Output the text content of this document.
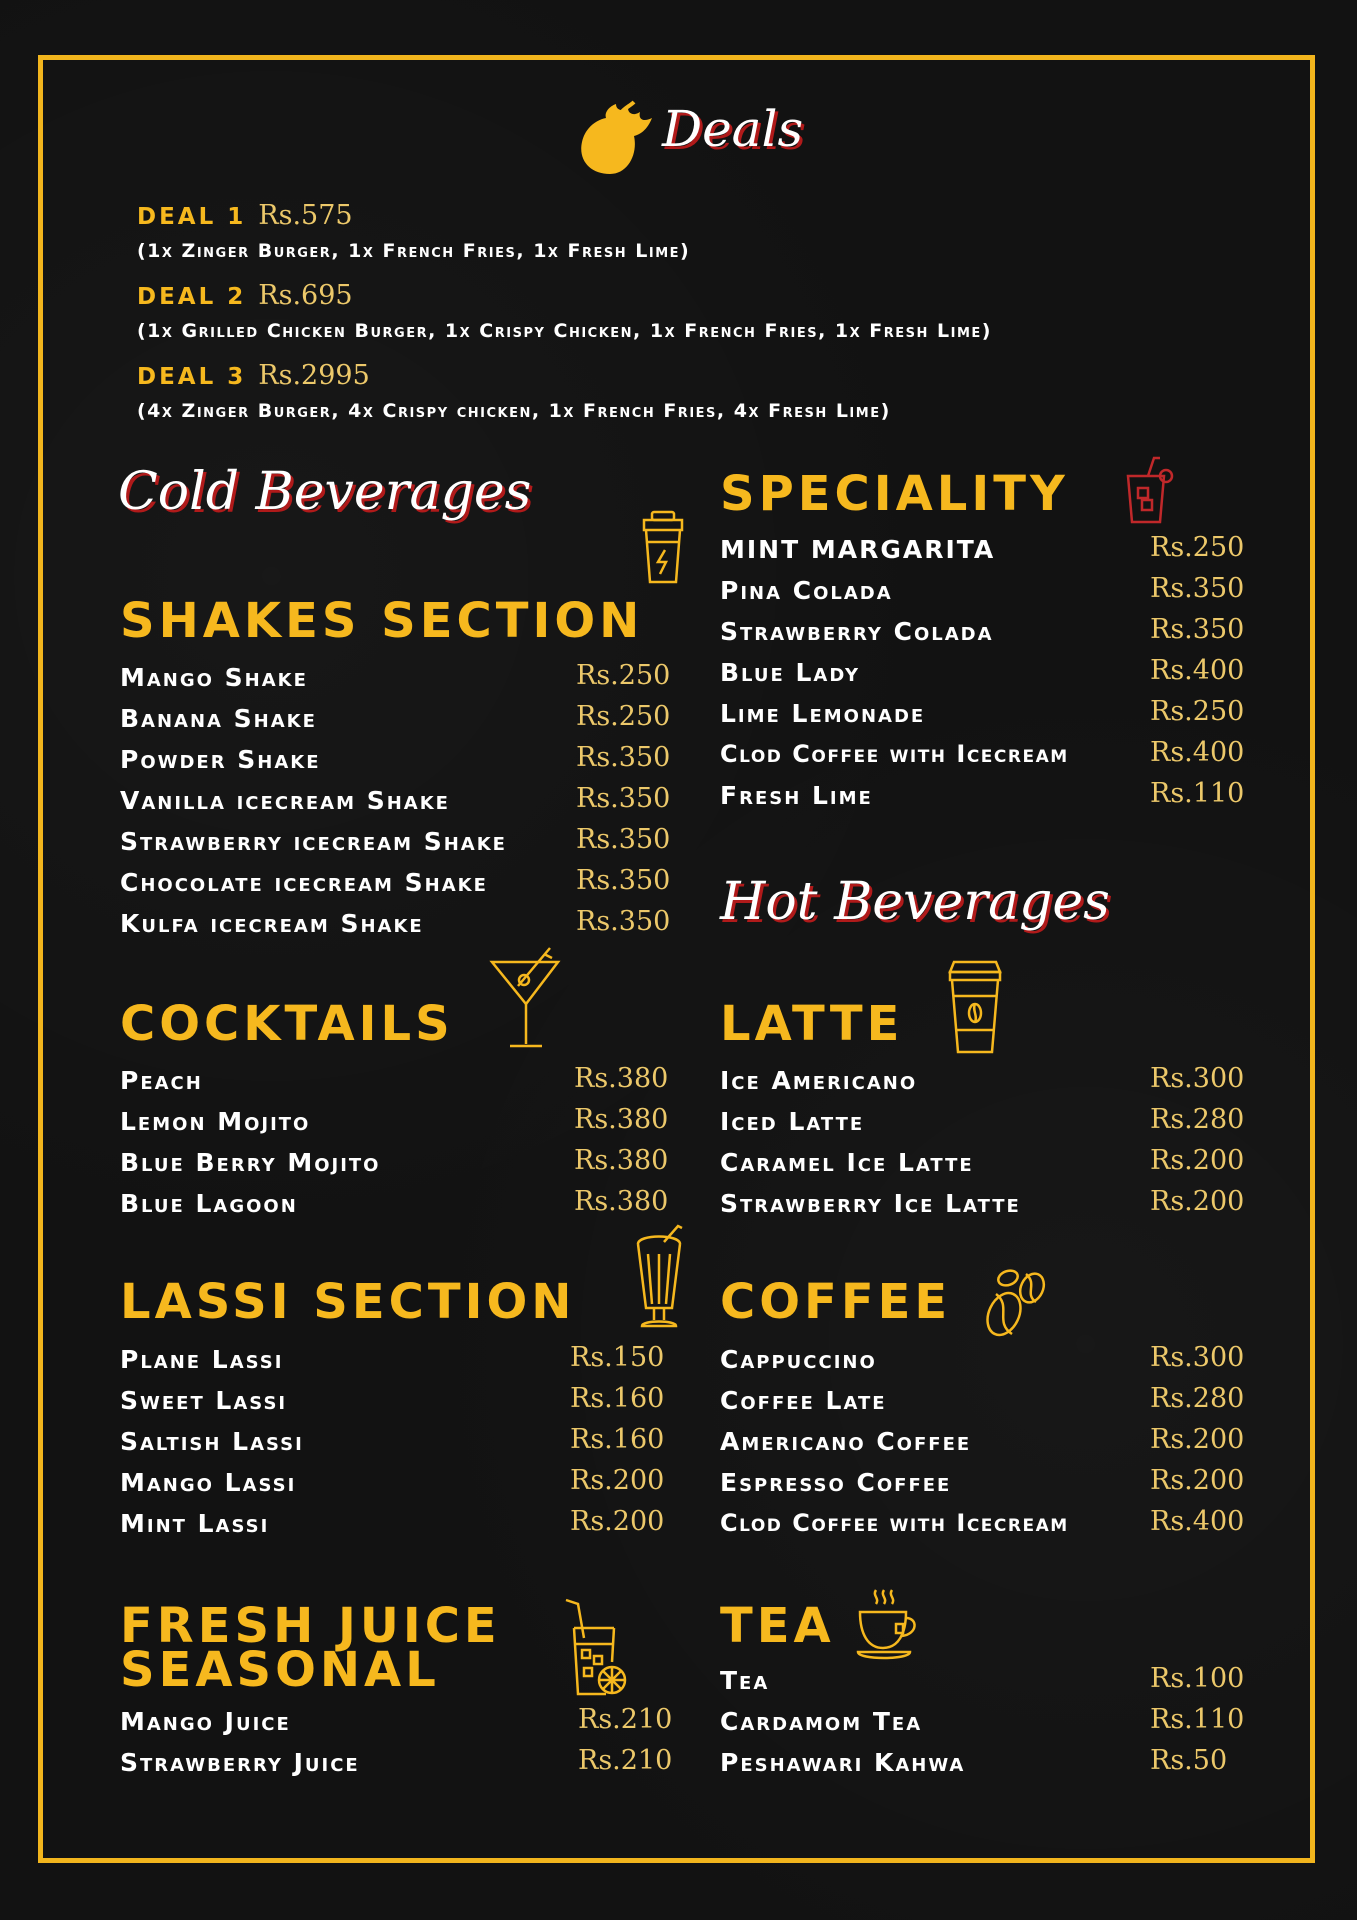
Deals
DEAL 1 Rs.575
(1x Zinger Burger, 1x French Fries, 1x Fresh Lime)
DEAL 2 Rs.695
(1x Grilled Chicken Burger, 1x Crispy Chicken, 1x French Fries, 1x Fresh Lime)
DEAL 3 Rs.2995
(4x Zinger Burger, 4x Crispy chicken, 1x French Fries, 4x Fresh Lime)
Cold Beverages
SHAKES SECTION
Mango Shake	Rs.250
Banana Shake	Rs.250
Powder Shake	Rs.350
Vanilla icecream Shake	Rs.350
Strawberry icecream Shake	Rs.350
Chocolate icecream Shake	Rs.350
Kulfa icecream Shake	Rs.350
COCKTAILS
Peach	Rs.380
Lemon Mojito	Rs.380
Blue Berry Mojito	Rs.380
Blue Lagoon	Rs.380
LASSI SECTION
Plane Lassi	Rs.150
Sweet Lassi	Rs.160
Saltish Lassi	Rs.160
Mango Lassi	Rs.200
Mint Lassi	Rs.200
FRESH JUICE
SEASONAL
Mango Juice	Rs.210
Strawberry Juice	Rs.210
SPECIALITY
MINT MARGARITA	Rs.250
Pina Colada	Rs.350
Strawberry Colada	Rs.350
Blue Lady	Rs.400
Lime Lemonade	Rs.250
Clod Coffee with Icecream	Rs.400
Fresh Lime	Rs.110
Hot Beverages
LATTE
Ice Americano	Rs.300
Iced Latte	Rs.280
Caramel Ice Latte	Rs.200
Strawberry Ice Latte	Rs.200
COFFEE
Cappuccino	Rs.300
Coffee Late	Rs.280
Americano Coffee	Rs.200
Espresso Coffee	Rs.200
Clod Coffee with Icecream	Rs.400
TEA
Tea	Rs.100
Cardamom Tea	Rs.110
Peshawari Kahwa	Rs.50
